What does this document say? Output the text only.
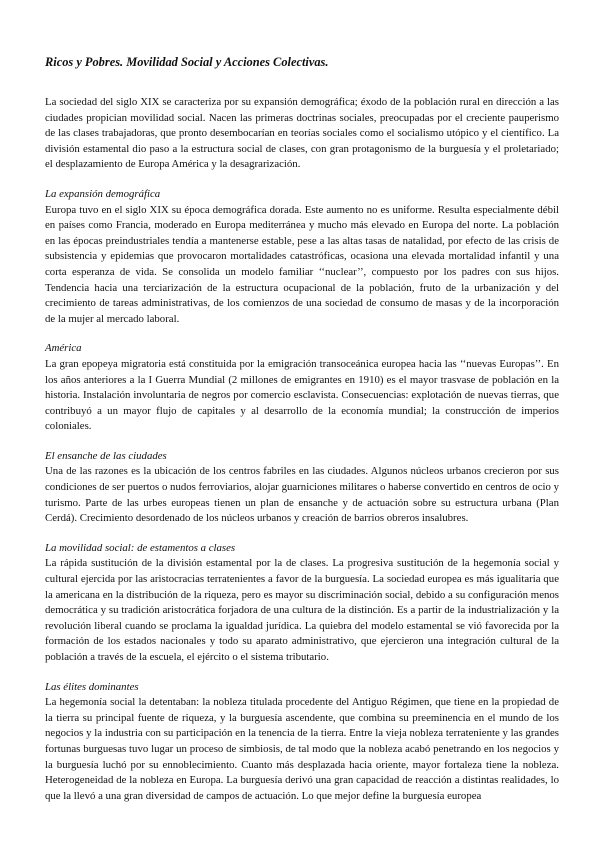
Ricos y Pobres. Movilidad Social y Acciones Colectivas.

La sociedad del siglo XIX se caracteriza por su expansión demográfica; éxodo de la población rural en dirección a las ciudades propician movilidad social. Nacen las primeras doctrinas sociales, preocupadas por el creciente pauperismo de las clases trabajadoras, que pronto desembocarían en teorías sociales como el socialismo utópico y el científico. La división estamental dio paso a la estructura social de clases, con gran protagonismo de la burguesía y el proletariado; el desplazamiento de Europa América y la desagrarización.

La expansión demográfica

Europa tuvo en el siglo XIX su época demográfica dorada. Este aumento no es uniforme. Resulta especialmente débil en países como Francia, moderado en Europa mediterránea y mucho más elevado en Europa del norte. La población en las épocas preindustriales tendía a mantenerse estable, pese a las altas tasas de natalidad, por efecto de las crisis de subsistencia y epidemias que provocaron mortalidades catastróficas, ocasiona una elevada mortalidad infantil y una corta esperanza de vida. Se consolida un modelo familiar ‘‘nuclear’’, compuesto por los padres con sus hijos. Tendencia hacia una terciarización de la estructura ocupacional de la población, fruto de la urbanización y del crecimiento de tareas administrativas, de los comienzos de una sociedad de consumo de masas y de la incorporación de la mujer al mercado laboral.

América

La gran epopeya migratoria está constituida por la emigración transoceánica europea hacia las ‘‘nuevas Europas’’. En los años anteriores a la I Guerra Mundial (2 millones de emigrantes en 1910) es el mayor trasvase de población en la historia. Instalación involuntaria de negros por comercio esclavista. Consecuencias: explotación de nuevas tierras, que contribuyó a un mayor flujo de capitales y al desarrollo de la economía mundial; la construcción de imperios coloniales.

El ensanche de las ciudades

Una de las razones es la ubicación de los centros fabriles en las ciudades. Algunos núcleos urbanos crecieron por sus condiciones de ser puertos o nudos ferroviarios, alojar guarniciones militares o haberse convertido en centros de ocio y turismo. Parte de las urbes europeas tienen un plan de ensanche y de actuación sobre su estructura urbana (Plan Cerdá). Crecimiento desordenado de los núcleos urbanos y creación de barrios obreros insalubres.

La movilidad social: de estamentos a clases

La rápida sustitución de la división estamental por la de clases. La progresiva sustitución de la hegemonía social y cultural ejercida por las aristocracias terratenientes a favor de la burguesía. La sociedad europea es más igualitaria que la americana en la distribución de la riqueza, pero es mayor su discriminación social, debido a su configuración menos democrática y su tradición aristocrática forjadora de una cultura de la distinción. Es a partir de la industrialización y la revolución liberal cuando se proclama la igualdad jurídica. La quiebra del modelo estamental se vió favorecida por la formación de los estados nacionales y todo su aparato administrativo, que ejercieron una integración cultural de la población a través de la escuela, el ejército o el sistema tributario.

Las élites dominantes

La hegemonía social la detentaban: la nobleza titulada procedente del Antiguo Régimen, que tiene en la propiedad de la tierra su principal fuente de riqueza, y la burguesía ascendente, que combina su preeminencia en el mundo de los negocios y la industria con su participación en la tenencia de la tierra. Entre la vieja nobleza terrateniente y las grandes fortunas burguesas tuvo lugar un proceso de simbiosis, de tal modo que la nobleza acabó penetrando en los negocios y la burguesía luchó por su ennoblecimiento. Cuanto más desplazada hacia oriente, mayor fortaleza tiene la nobleza. Heterogeneidad de la nobleza en Europa. La burguesía derivó una gran capacidad de reacción a distintas realidades, lo que la llevó a una gran diversidad de campos de actuación. Lo que mejor define la burguesía europea
